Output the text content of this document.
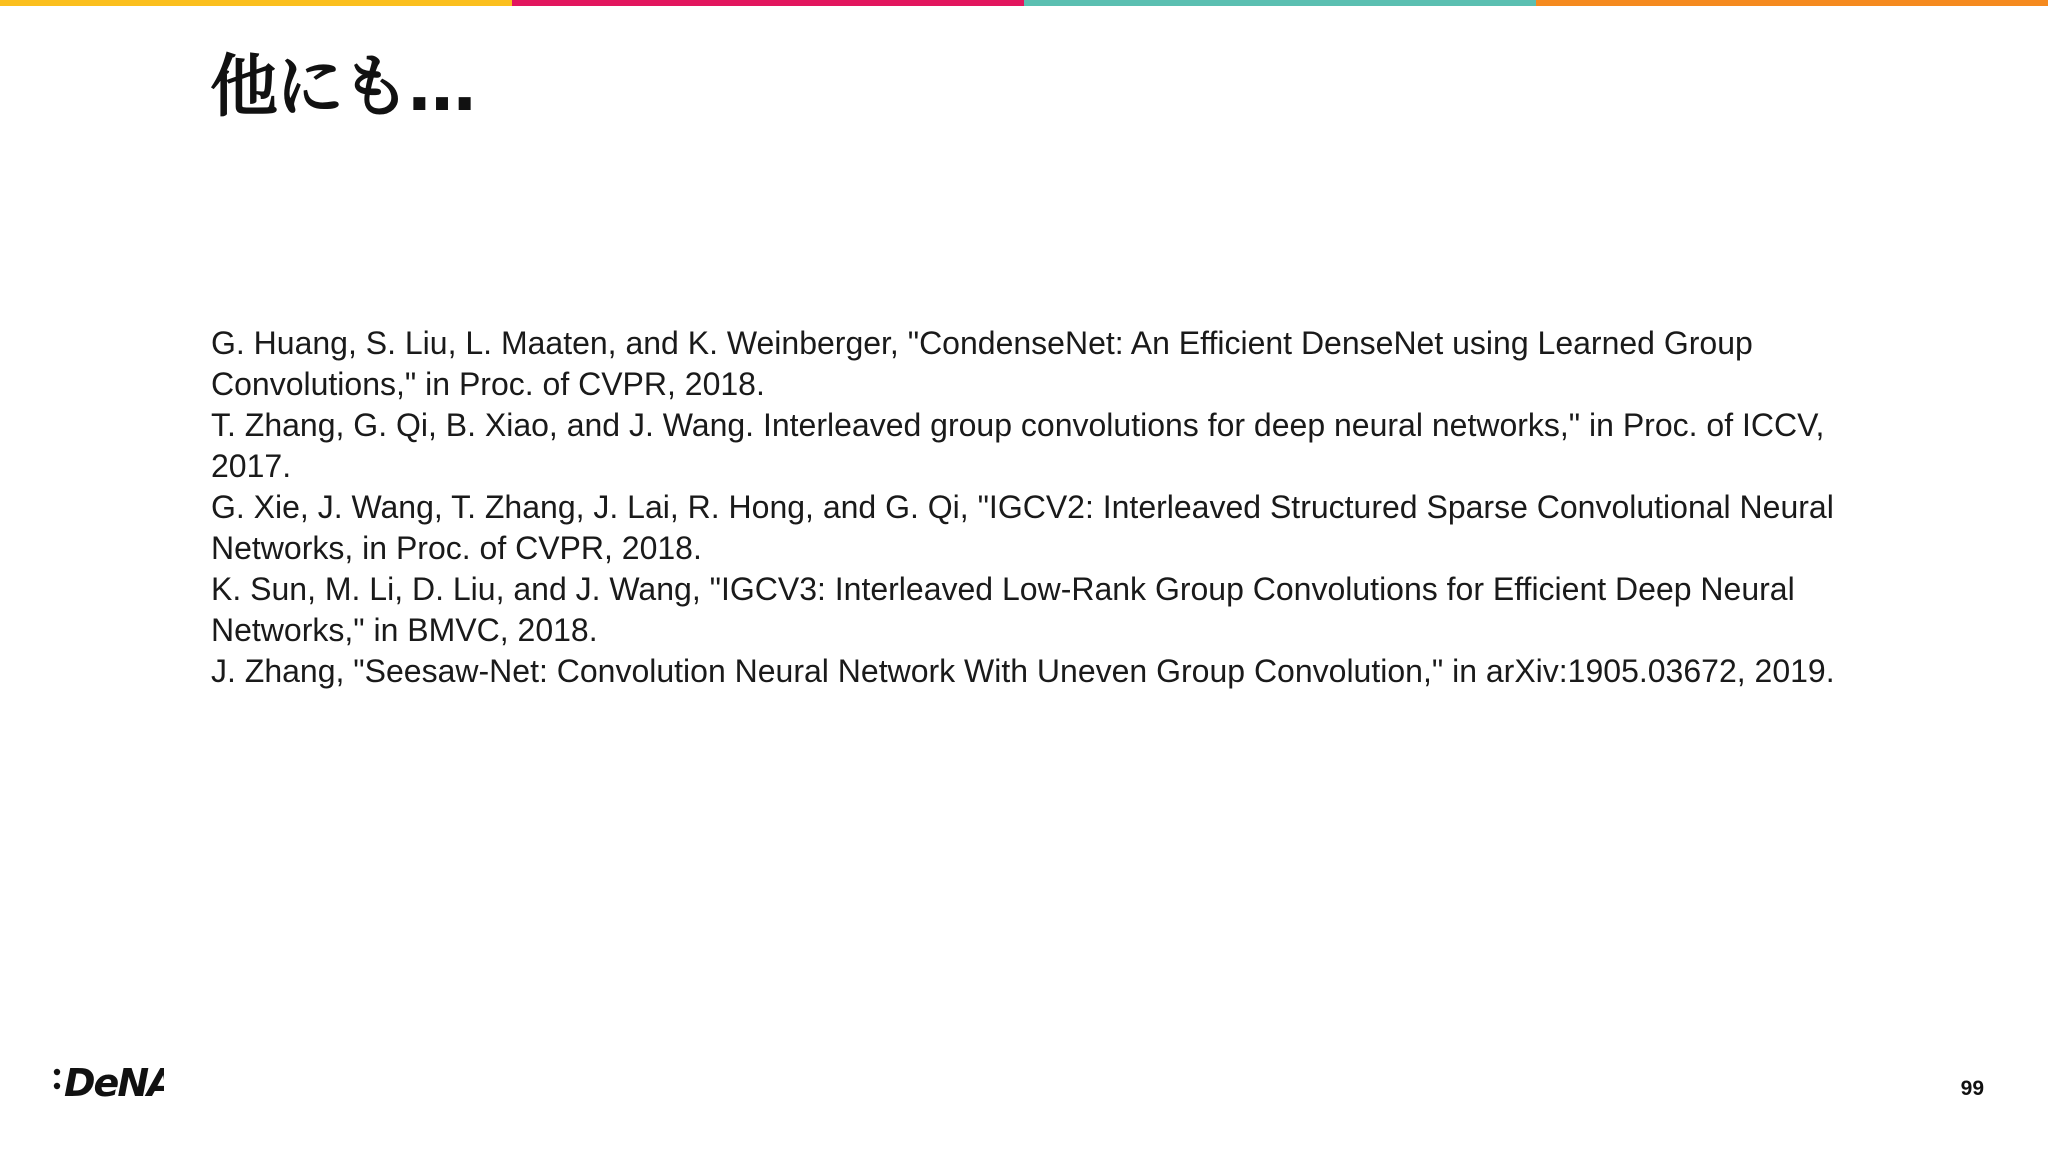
他にも…

G. Huang, S. Liu, L. Maaten, and K. Weinberger, "CondenseNet: An Efficient DenseNet using Learned Group Convolutions," in Proc. of CVPR, 2018.

T. Zhang, G. Qi, B. Xiao, and J. Wang. Interleaved group convolutions for deep neural networks," in Proc. of ICCV, 2017.

G. Xie, J. Wang, T. Zhang, J. Lai, R. Hong, and G. Qi, "IGCV2: Interleaved Structured Sparse Convolutional Neural Networks, in Proc. of CVPR, 2018.

K. Sun, M. Li, D. Liu, and J. Wang, "IGCV3: Interleaved Low-Rank Group Convolutions for Efficient Deep Neural Networks," in BMVC, 2018.

J. Zhang, "Seesaw-Net: Convolution Neural Network With Uneven Group Convolution," in arXiv:1905.03672, 2019.

DeNA	99
